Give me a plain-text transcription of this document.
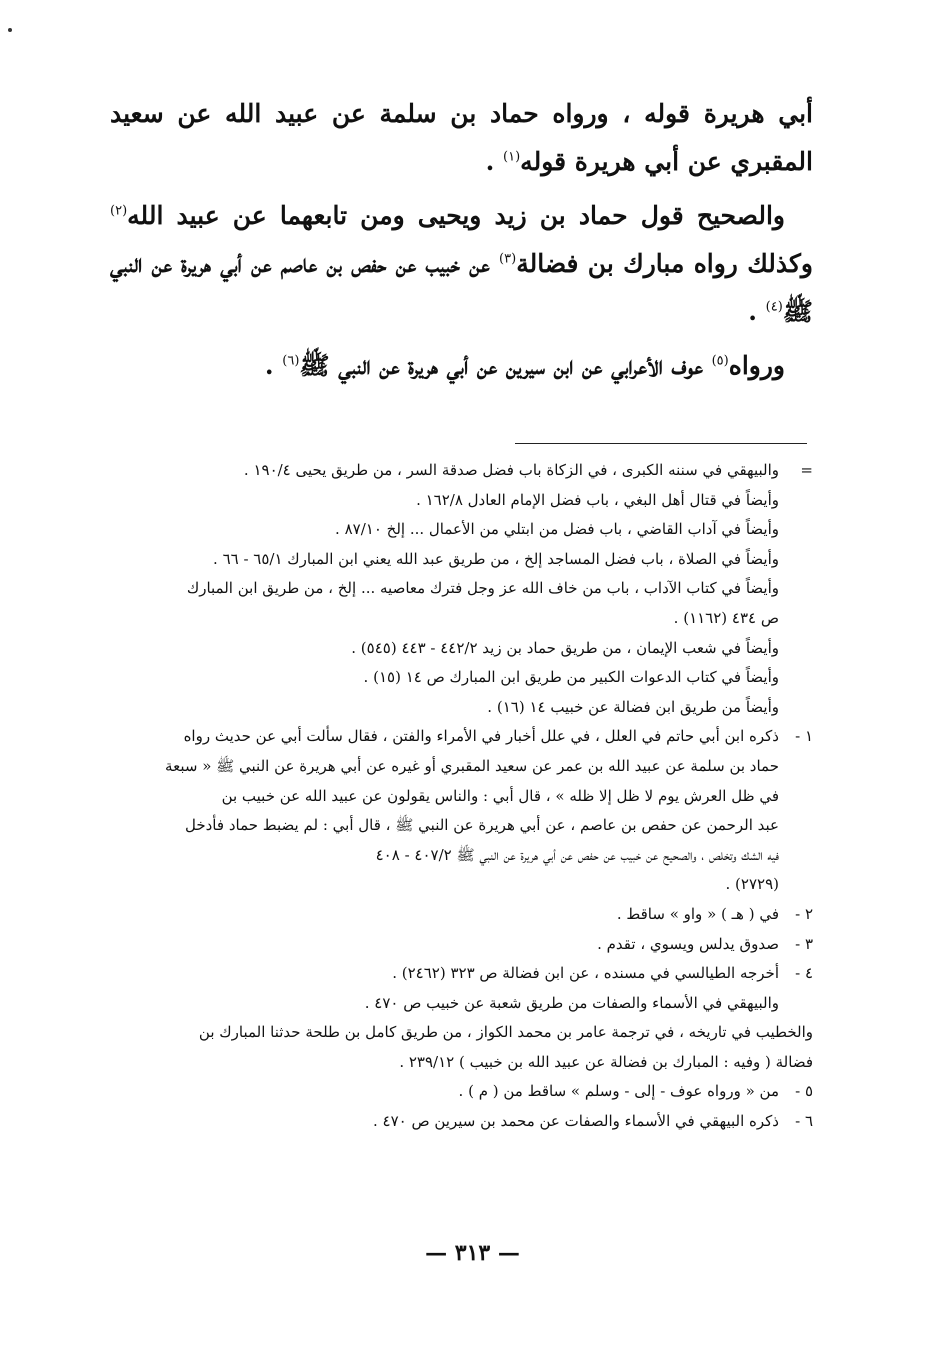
أبي هريرة قوله ، ورواه حماد بن سلمة عن عبيد الله عن سعيد المقبري عن أبي هريرة قوله$^{(١)}$ .

والصحيح قول حماد بن زيد ويحيى ومن تابعهما عن عبيد الله$^{(٢)}$ وكذلك رواه مبارك بن فضالة$^{(٣)}$ عن خبيب عن حفص بن عاصم عن أبي هريرة عن النبي ﷺ$^{(٤)}$ .

ورواه$^{(٥)}$ عوف الأعرابي عن ابن سيرين عن أبي هريرة عن النبي ﷺ$^{(٦)}$ .

=
والبيهقي في سننه الكبرى ، في الزكاة باب فضل صدقة السر ، من طريق يحيى ١٩٠/٤ .
وأيضاً في قتال أهل البغي ، باب فضل الإمام العادل ١٦٢/٨ .
وأيضاً في آداب القاضي ، باب فضل من ابتلي من الأعمال ... إلخ ٨٧/١٠ .
وأيضاً في الصلاة ، باب فضل المساجد إلخ ، من طريق عبد الله يعني ابن المبارك ٦٥/١ - ٦٦ .
وأيضاً في كتاب الآداب ، باب من خاف الله عز وجل فترك معاصيه ... إلخ ، من طريق ابن المبارك
ص ٤٣٤ (١١٦٢) .
وأيضاً في شعب الإيمان ، من طريق حماد بن زيد ٤٤٢/٢ - ٤٤٣ (٥٤٥) .
وأيضاً في كتاب الدعوات الكبير من طريق ابن المبارك ص ١٤ (١٥) .
وأيضاً من طريق ابن فضالة عن خبيب ١٤ (١٦) .
١ -
ذكره ابن أبي حاتم في العلل ، في علل أخبار في الأمراء والفتن ، فقال سألت أبي عن حديث رواه
حماد بن سلمة عن عبيد الله بن عمر عن سعيد المقبري أو غيره عن أبي هريرة عن النبي ﷺ « سبعة
في ظل العرش يوم لا ظل إلا ظله » ، قال أبي : والناس يقولون عن عبيد الله عن خبيب بن
عبد الرحمن عن حفص بن عاصم ، عن أبي هريرة عن النبي ﷺ ، قال أبي : لم يضبط حماد فأدخل
فيه الشك وتخلص ، والصحيح عن خبيب عن حفص عن أبي هريرة عن النبي ﷺ ٤٠٧/٢ - ٤٠٨
(٢٧٢٩) .
٢ -
في ( هـ ) « واو » ساقط .
٣ -
صدوق يدلس ويسوي ، تقدم .
٤ -
أخرجه الطيالسي في مسنده ، عن ابن فضالة ص ٣٢٣ (٢٤٦٢) .
والبيهقي في الأسماء والصفات من طريق شعبة عن خبيب ص ٤٧٠ .
والخطيب في تاريخه ، في ترجمة عامر بن محمد الكواز ، من طريق كامل بن طلحة حدثنا المبارك بن
فضالة ( وفيه : المبارك بن فضالة عن عبيد الله بن خبيب ) ٢٣٩/١٢ .
٥ -
من « ورواه عوف - إلى - وسلم » ساقط من ( م ) .
٦ -
ذكره البيهقي في الأسماء والصفات عن محمد بن سيرين ص ٤٧٠ .
— ٣١٣ —
